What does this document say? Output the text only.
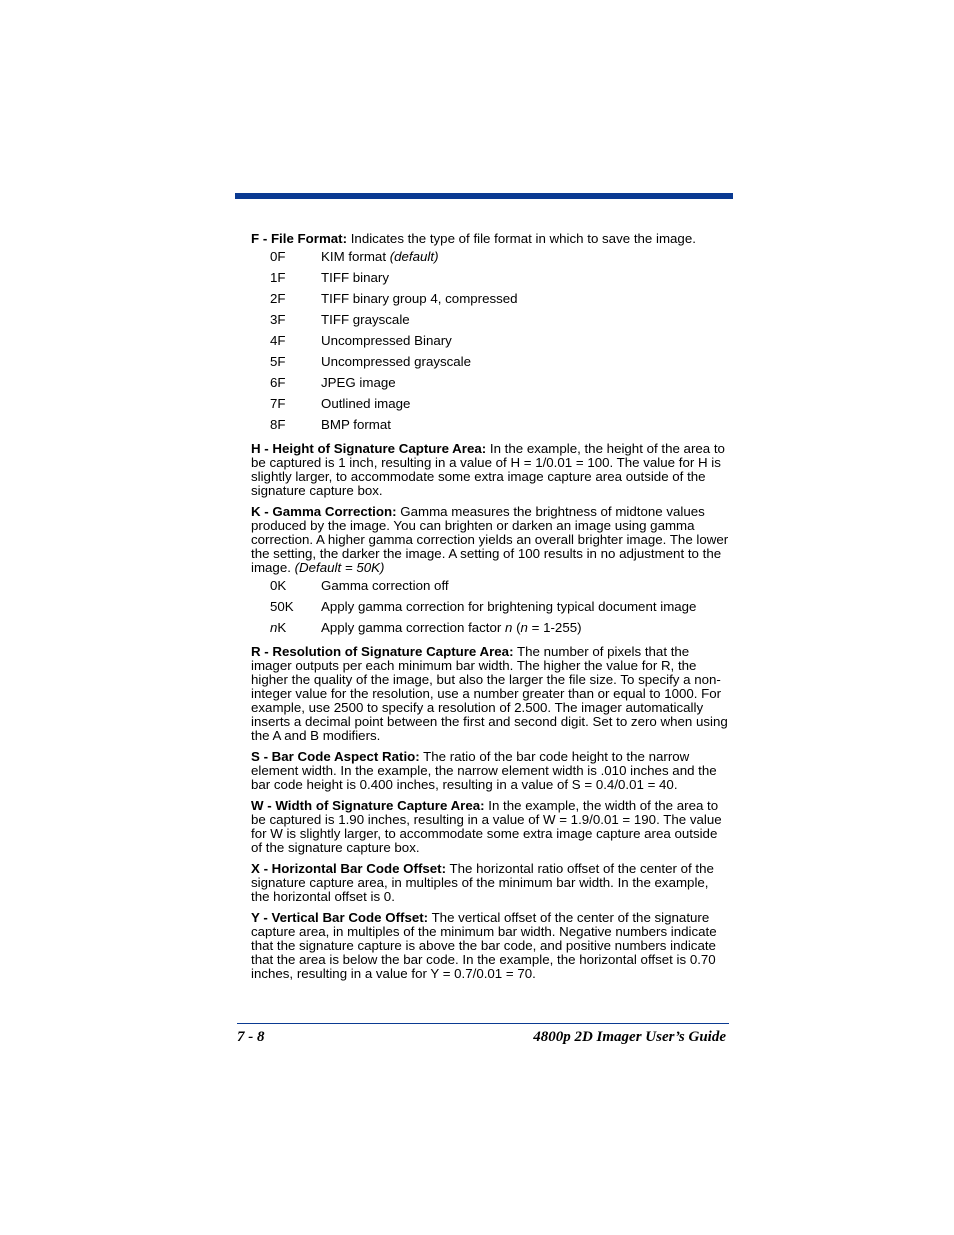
F - File Format: Indicates the type of file format in which to save the image.

0F	KIM format (default)
1F	TIFF binary
2F	TIFF binary group 4, compressed
3F	TIFF grayscale
4F	Uncompressed Binary
5F	Uncompressed grayscale
6F	JPEG image
7F	Outlined image
8F	BMP format

H - Height of Signature Capture Area: In the example, the height of the area to be captured is 1 inch, resulting in a value of H = 1/0.01 = 100. The value for H is slightly larger, to accommodate some extra image capture area outside of the signature capture box.

K - Gamma Correction: Gamma measures the brightness of midtone values produced by the image. You can brighten or darken an image using gamma correction. A higher gamma correction yields an overall brighter image. The lower the setting, the darker the image. A setting of 100 results in no adjustment to the image. (Default = 50K)

0K	Gamma correction off
50K	Apply gamma correction for brightening typical document image
nK	Apply gamma correction factor n (n = 1-255)

R - Resolution of Signature Capture Area: The number of pixels that the imager outputs per each minimum bar width. The higher the value for R, the higher the quality of the image, but also the larger the file size. To specify a non-integer value for the resolution, use a number greater than or equal to 1000. For example, use 2500 to specify a resolution of 2.500. The imager automatically inserts a decimal point between the first and second digit. Set to zero when using the A and B modifiers.

S - Bar Code Aspect Ratio: The ratio of the bar code height to the narrow element width. In the example, the narrow element width is .010 inches and the bar code height is 0.400 inches, resulting in a value of S = 0.4/0.01 = 40.

W - Width of Signature Capture Area: In the example, the width of the area to be captured is 1.90 inches, resulting in a value of W = 1.9/0.01 = 190. The value for W is slightly larger, to accommodate some extra image capture area outside of the signature capture box.

X - Horizontal Bar Code Offset: The horizontal ratio offset of the center of the signature capture area, in multiples of the minimum bar width. In the example, the horizontal offset is 0.

Y - Vertical Bar Code Offset: The vertical offset of the center of the signature capture area, in multiples of the minimum bar width. Negative numbers indicate that the signature capture is above the bar code, and positive numbers indicate that the area is below the bar code. In the example, the horizontal offset is 0.70 inches, resulting in a value for Y = 0.7/0.01 = 70.

7 - 8	4800p 2D Imager User’s Guide
